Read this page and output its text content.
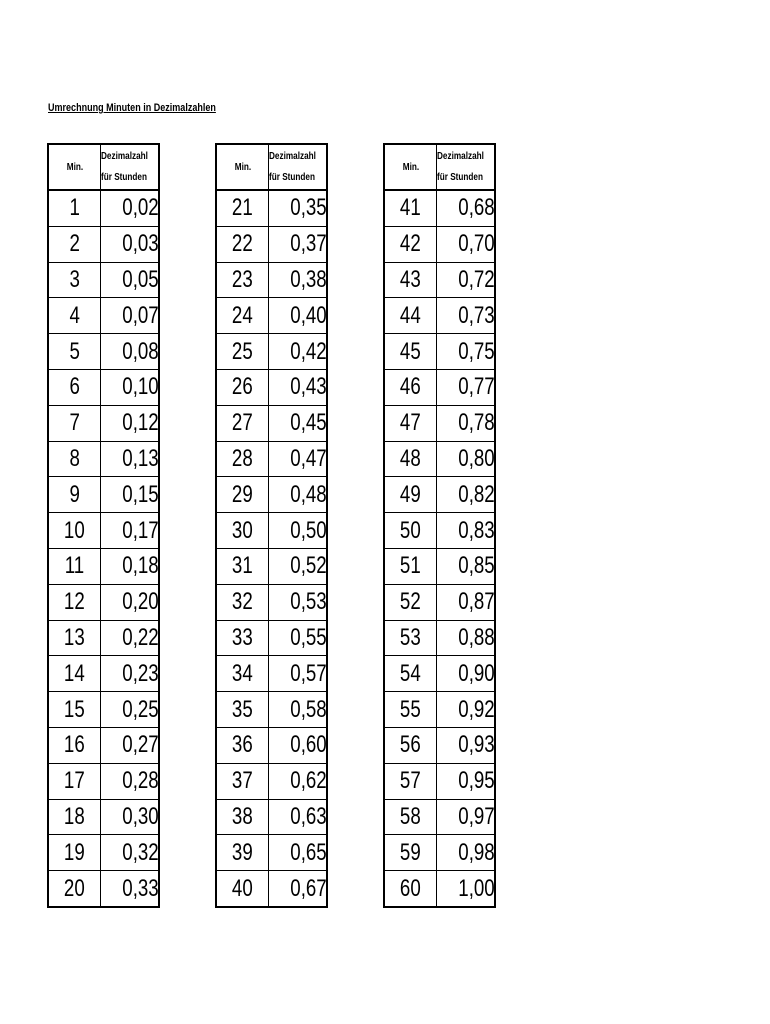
Umrechnung Minuten in Dezimalzahlen
Min.	Dezimalzahl
für Stunden
1	0,02
2	0,03
3	0,05
4	0,07
5	0,08
6	0,10
7	0,12
8	0,13
9	0,15
10	0,17
11	0,18
12	0,20
13	0,22
14	0,23
15	0,25
16	0,27
17	0,28
18	0,30
19	0,32
20	0,33
Min.	Dezimalzahl
für Stunden
21	0,35
22	0,37
23	0,38
24	0,40
25	0,42
26	0,43
27	0,45
28	0,47
29	0,48
30	0,50
31	0,52
32	0,53
33	0,55
34	0,57
35	0,58
36	0,60
37	0,62
38	0,63
39	0,65
40	0,67
Min.	Dezimalzahl
für Stunden
41	0,68
42	0,70
43	0,72
44	0,73
45	0,75
46	0,77
47	0,78
48	0,80
49	0,82
50	0,83
51	0,85
52	0,87
53	0,88
54	0,90
55	0,92
56	0,93
57	0,95
58	0,97
59	0,98
60	1,00
